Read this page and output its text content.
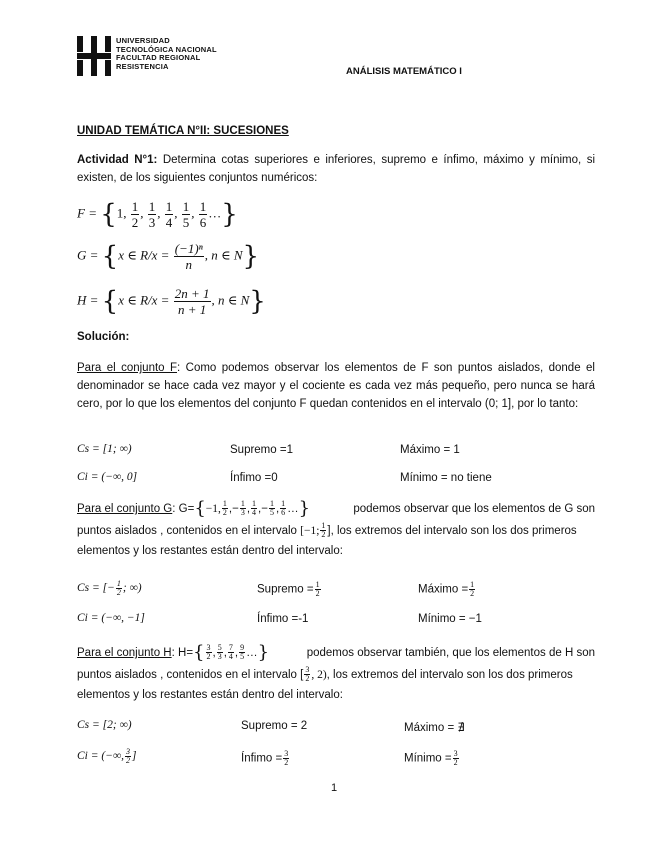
UNIVERSIDAD
TECNOLÓGICA NACIONAL
FACULTAD REGIONAL
RESISTENCIA	ANÁLISIS MATEMÁTICO I
UNIDAD TEMÁTICA N°II: SUCESIONES
Actividad N°1: Determina cotas superiores e inferiores, supremo e ínfimo, máximo y mínimo, si existen, de los siguientes conjuntos numéricos:
F = {1, $\frac{1}{2}$ , $\frac{1}{3}$ , $\frac{1}{4}$ , $\frac{1}{5}$ , $\frac{1}{6}$ …}
G = {x ∈ $R/x = \frac{\text{(−1)ⁿ}}{n}$ , n ∈ N}
H = {x ∈ $R/x = \frac{2n + 1}{n + 1}$ , n ∈ N}
Solución:
Para el conjunto F: Como podemos observar los elementos de F son puntos aislados, donde el denominador se hace cada vez mayor y el cociente es cada vez más pequeño, pero nunca se hará cero, por lo que los elementos del conjunto F quedan contenidos en el intervalo (0; 1], por lo tanto:
Cs = [1; ∞)	Supremo =1	Máximo = 1
Ci = (−∞, 0]	Ínfimo =0	Mínimo = no tiene
Para el conjunto G: G={−1, $\frac{1}{2}$ ,− $\frac{1}{3}$ , $\frac{1}{4}$ ,− $\frac{1}{5}$ , $\frac{1}{6}$ …}	podemos observar que los elementos de G son
puntos aislados , contenidos en el intervalo [−1; $\frac{1}{2}$ ], los extremos del intervalo son los dos primeros
elementos y los restantes están dentro del intervalo:
Cs = [− $\frac{1}{2}$ ; ∞)	Supremo = $\frac{1}{2}$	Máximo = $\frac{1}{2}$
Ci = (−∞, −1]	Ínfimo =-1	Mínimo = −1
Para el conjunto H: $H=\{ \frac{3}{2}$ , $\frac{5}{3}$ , $\frac{7}{4}$ , $\frac{9}{5}$ …}	podemos observar también, que los elementos de H son
puntos aislados , contenidos en el intervalo [ $\frac{3}{2}$ , 2), los extremos del intervalo son los dos primeros
elementos y los restantes están dentro del intervalo:
Cs = [2; ∞)	Supremo = 2	Máximo = ∄
Ci = (−∞, $\frac{3}{2}$ ]	Ínfimo = $\frac{3}{2}$	Mínimo = $\frac{3}{2}$
1
